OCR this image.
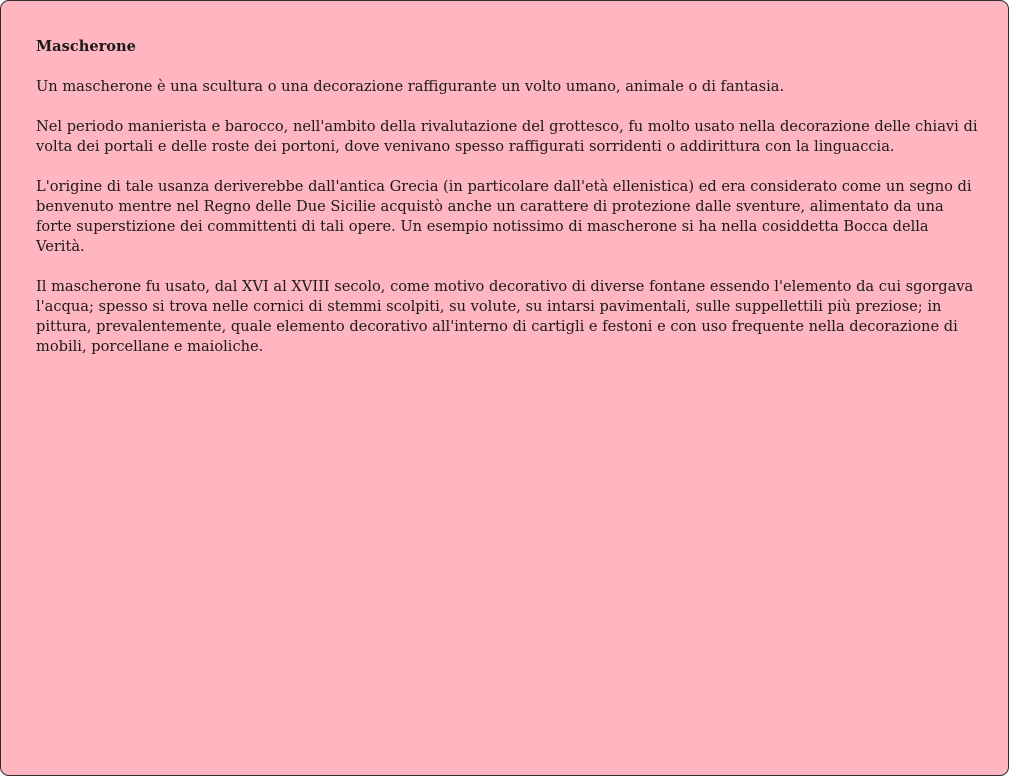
Mascherone
Un mascherone è una scultura o una decorazione raffigurante un volto umano, animale o di fantasia.
Nel periodo manierista e barocco, nell'ambito della rivalutazione del grottesco, fu molto usato nella decorazione delle chiavi di volta dei portali e delle roste dei portoni, dove venivano spesso raffigurati sorridenti o addirittura con la linguaccia.
L'origine di tale usanza deriverebbe dall'antica Grecia (in particolare dall'età ellenistica) ed era considerato come un segno di benvenuto mentre nel Regno delle Due Sicilie acquistò anche un carattere di protezione dalle sventure, alimentato da una forte superstizione dei committenti di tali opere. Un esempio notissimo di mascherone si ha nella cosiddetta Bocca della Verità.
Il mascherone fu usato, dal XVI al XVIII secolo, come motivo decorativo di diverse fontane essendo l'elemento da cui sgorgava l'acqua; spesso si trova nelle cornici di stemmi scolpiti, su volute, su intarsi pavimentali, sulle suppellettili più preziose; in pittura, prevalentemente, quale elemento decorativo all'interno di cartigli e festoni e con uso frequente nella decorazione di mobili, porcellane e maioliche.
